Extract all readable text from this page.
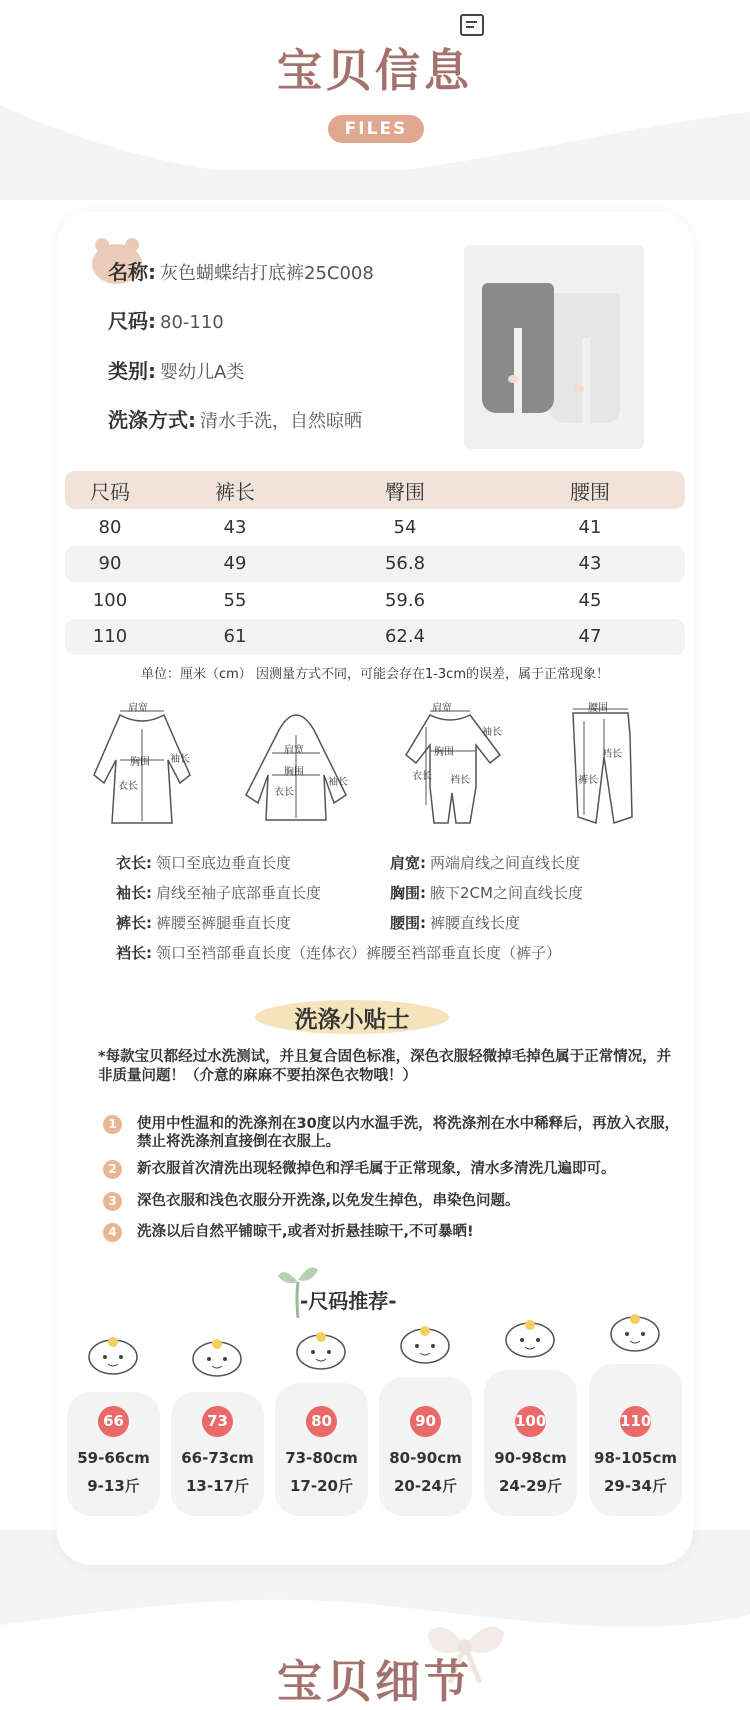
宝贝信息
FILES
名称: 灰色蝴蝶结打底裤25C008
尺码: 80-110
类别: 婴幼儿A类
洗涤方式: 清水手洗，自然晾晒
尺码	裤长	臀围	腰围
80	43	54	41
90	49	56.8	43
100	55	59.6	45
110	61	62.4	47
单位：厘米（cm） 因测量方式不同，可能会存在1-3cm的误差，属于正常现象！
肩宽
胸围 袖长
衣长
肩宽
胸围
袖长
衣长
肩宽
胸围
袖长
衣长 裆长
腰围
裆长
裤长
衣长: 领口至底边垂直长度	肩宽: 两端肩线之间直线长度
袖长: 肩线至袖子底部垂直长度	胸围: 腋下2CM之间直线长度
裤长: 裤腰至裤腿垂直长度	腰围: 裤腰直线长度
裆长: 领口至裆部垂直长度（连体衣）裤腰至裆部垂直长度（裤子）
洗涤小贴士
*每款宝贝都经过水洗测试，并且复合固色标准，深色衣服轻微掉毛掉色属于正常情况，并非质量问题！（介意的麻麻不要拍深色衣物哦！）
1	使用中性温和的洗涤剂在30度以内水温手洗，将洗涤剂在水中稀释后，再放入衣服，禁止将洗涤剂直接倒在衣服上。
2	新衣服首次清洗出现轻微掉色和浮毛属于正常现象，清水多清洗几遍即可。
3	深色衣服和浅色衣服分开洗涤,以免发生掉色，串染色问题。
4	洗涤以后自然平铺晾干,或者对折悬挂晾干,不可暴晒!
-尺码推荐-
66
59-66cm
9-13斤
73
66-73cm
13-17斤
80
73-80cm
17-20斤
90
80-90cm
20-24斤
100
90-98cm
24-29斤
110
98-105cm
29-34斤
宝贝细节
